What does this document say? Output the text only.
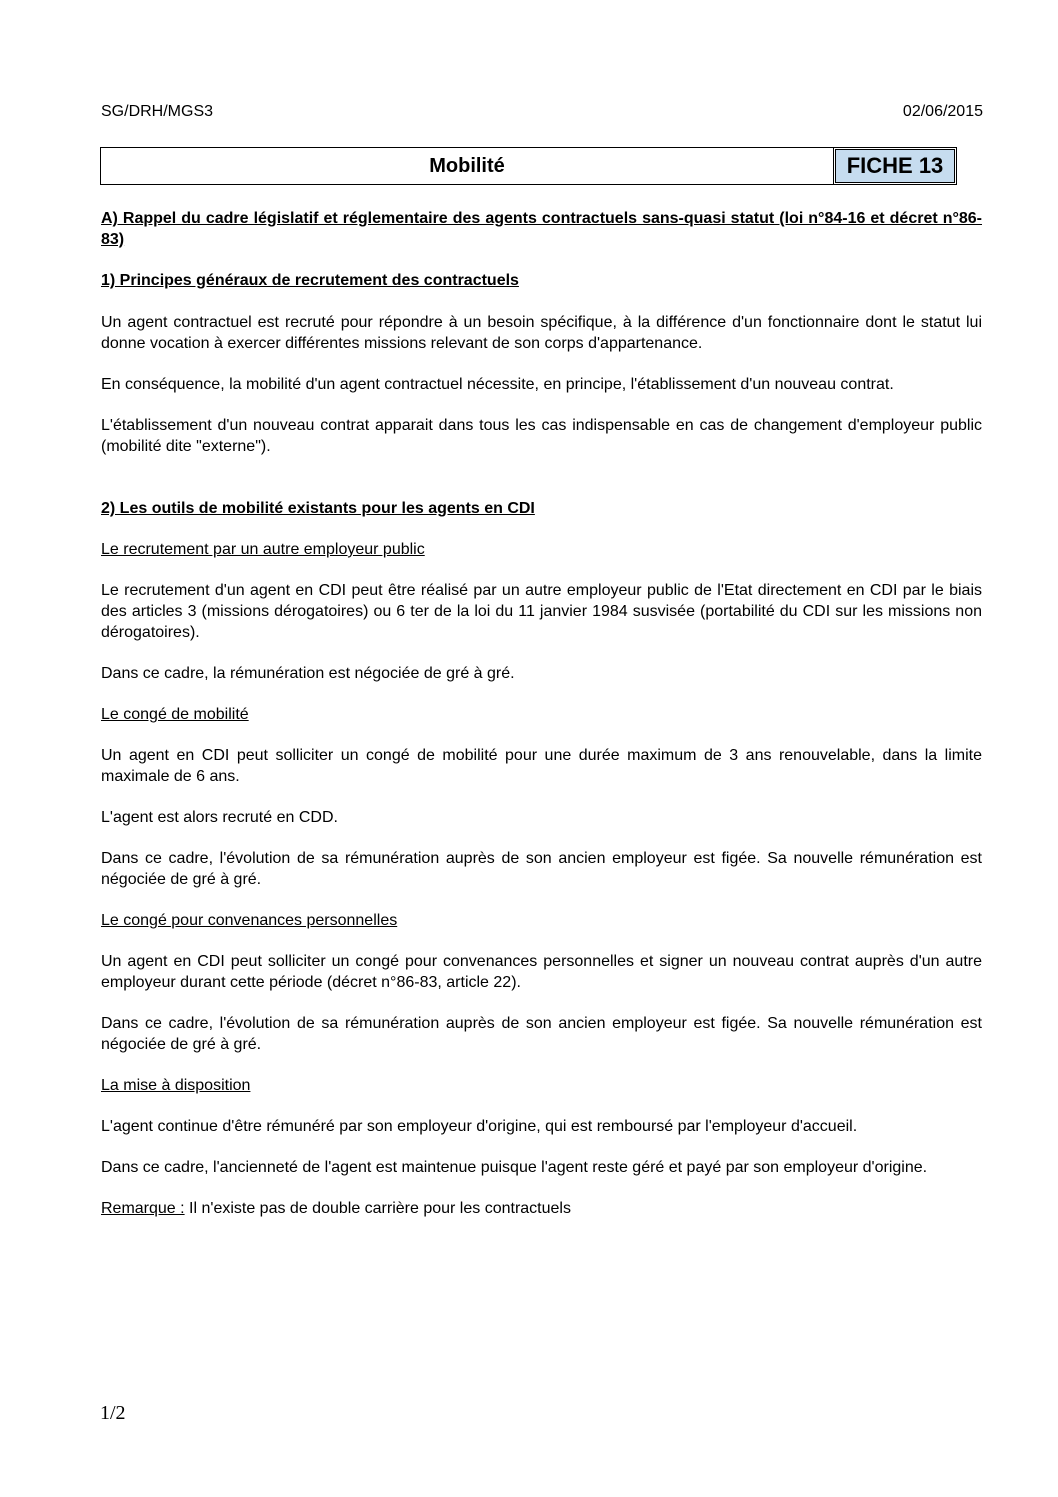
SG/DRH/MGS3	02/06/2015
Mobilité	FICHE 13

A) Rappel du cadre législatif et réglementaire des agents contractuels sans-quasi statut (loi n°84-16 et décret n°86-83)

1) Principes généraux de recrutement des contractuels

Un agent contractuel est recruté pour répondre à un besoin spécifique, à la différence d'un fonctionnaire dont le statut lui donne vocation à exercer différentes missions relevant de son corps d'appartenance.

En conséquence, la mobilité d'un agent contractuel nécessite, en principe, l'établissement d'un nouveau contrat.

L'établissement d'un nouveau contrat apparait dans tous les cas indispensable en cas de changement d'employeur public (mobilité dite "externe").

2) Les outils de mobilité existants pour les agents en CDI

Le recrutement par un autre employeur public

Le recrutement d'un agent en CDI peut être réalisé par un autre employeur public de l'Etat directement en CDI par le biais des articles 3 (missions dérogatoires) ou 6 ter de la loi du 11 janvier 1984 susvisée (portabilité du CDI sur les missions non dérogatoires).

Dans ce cadre, la rémunération est négociée de gré à gré.

Le congé de mobilité

Un agent en CDI peut solliciter un congé de mobilité pour une durée maximum de 3 ans renouvelable, dans la limite maximale de 6 ans.

L'agent est alors recruté en CDD.

Dans ce cadre, l'évolution de sa rémunération auprès de son ancien employeur est figée. Sa nouvelle rémunération est négociée de gré à gré.

Le congé pour convenances personnelles

Un agent en CDI peut solliciter un congé pour convenances personnelles et signer un nouveau contrat auprès d'un autre employeur durant cette période (décret n°86-83, article 22).

Dans ce cadre, l'évolution de sa rémunération auprès de son ancien employeur est figée. Sa nouvelle rémunération est négociée de gré à gré.

La mise à disposition

L'agent continue d'être rémunéré par son employeur d'origine, qui est remboursé par l'employeur d'accueil.

Dans ce cadre, l'ancienneté de l'agent est maintenue puisque l'agent reste géré et payé par son employeur d'origine.

Remarque : Il n'existe pas de double carrière pour les contractuels

1/2
